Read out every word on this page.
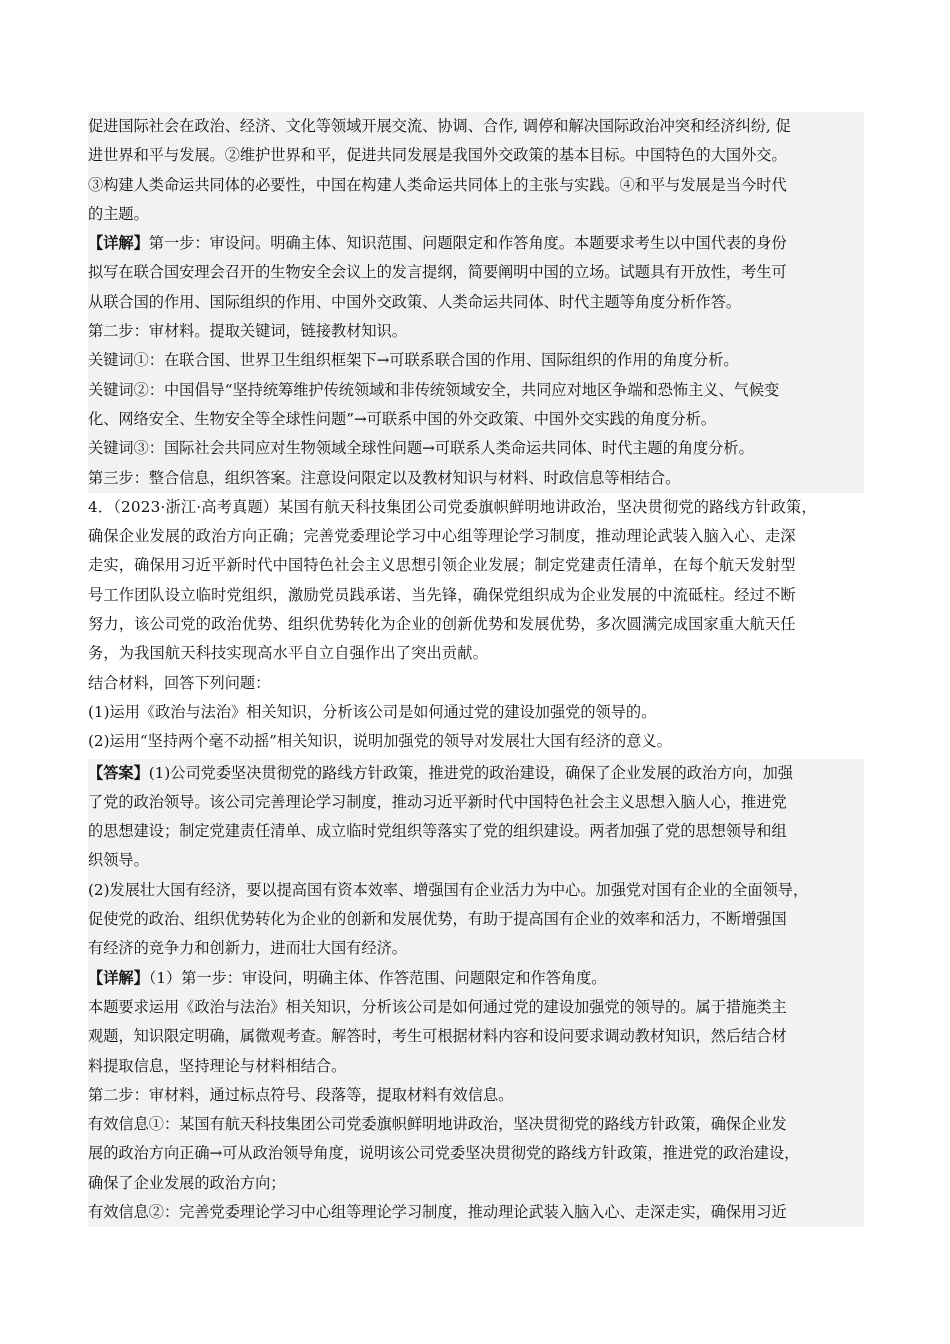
促进国际社会在政治、经济、文化等领域开展交流、协调、合作, 调停和解决国际政治冲突和经济纠纷, 促
进世界和平与发展。②维护世界和平，促进共同发展是我国外交政策的基本目标。中国特色的大国外交。
③构建人类命运共同体的必要性，中国在构建人类命运共同体上的主张与实践。④和平与发展是当今时代
的主题。
【详解】第一步：审设问。明确主体、知识范围、问题限定和作答角度。本题要求考生以中国代表的身份
拟写在联合国安理会召开的生物安全会议上的发言提纲，简要阐明中国的立场。试题具有开放性，考生可
从联合国的作用、国际组织的作用、中国外交政策、人类命运共同体、时代主题等角度分析作答。
第二步：审材料。提取关键词，链接教材知识。
关键词①：在联合国、世界卫生组织框架下→可联系联合国的作用、国际组织的作用的角度分析。
关键词②：中国倡导“坚持统筹维护传统领域和非传统领域安全，共同应对地区争端和恐怖主义、气候变
化、网络安全、生物安全等全球性问题”→可联系中国的外交政策、中国外交实践的角度分析。
关键词③：国际社会共同应对生物领域全球性问题→可联系人类命运共同体、时代主题的角度分析。
第三步：整合信息，组织答案。注意设问限定以及教材知识与材料、时政信息等相结合。
4．（2023·浙江·高考真题）某国有航天科技集团公司党委旗帜鲜明地讲政治，坚决贯彻党的路线方针政策，
确保企业发展的政治方向正确；完善党委理论学习中心组等理论学习制度，推动理论武装入脑入心、走深
走实，确保用习近平新时代中国特色社会主义思想引领企业发展；制定党建责任清单，在每个航天发射型
号工作团队设立临时党组织，激励党员践承诺、当先锋，确保党组织成为企业发展的中流砥柱。经过不断
努力，该公司党的政治优势、组织优势转化为企业的创新优势和发展优势，多次圆满完成国家重大航天任
务，为我国航天科技实现高水平自立自强作出了突出贡献。
结合材料，回答下列问题：
(1)运用《政治与法治》相关知识，分析该公司是如何通过党的建设加强党的领导的。
(2)运用“坚持两个毫不动摇”相关知识，说明加强党的领导对发展壮大国有经济的意义。
【答案】(1)公司党委坚决贯彻党的路线方针政策，推进党的政治建设，确保了企业发展的政治方向，加强
了党的政治领导。该公司完善理论学习制度，推动习近平新时代中国特色社会主义思想入脑人心，推进党
的思想建设；制定党建责任清单、成立临时党组织等落实了党的组织建设。两者加强了党的思想领导和组
织领导。
(2)发展壮大国有经济，要以提高国有资本效率、增强国有企业活力为中心。加强党对国有企业的全面领导，
促使党的政治、组织优势转化为企业的创新和发展优势，有助于提高国有企业的效率和活力，不断增强国
有经济的竞争力和创新力，进而壮大国有经济。
【详解】（1）第一步：审设问，明确主体、作答范围、问题限定和作答角度。
本题要求运用《政治与法治》相关知识，分析该公司是如何通过党的建设加强党的领导的。属于措施类主
观题，知识限定明确，属微观考查。解答时，考生可根据材料内容和设问要求调动教材知识，然后结合材
料提取信息，坚持理论与材料相结合。
第二步：审材料，通过标点符号、段落等，提取材料有效信息。
有效信息①：某国有航天科技集团公司党委旗帜鲜明地讲政治，坚决贯彻党的路线方针政策，确保企业发
展的政治方向正确→可从政治领导角度，说明该公司党委坚决贯彻党的路线方针政策，推进党的政治建设，
确保了企业发展的政治方向；
有效信息②：完善党委理论学习中心组等理论学习制度，推动理论武装入脑入心、走深走实，确保用习近
